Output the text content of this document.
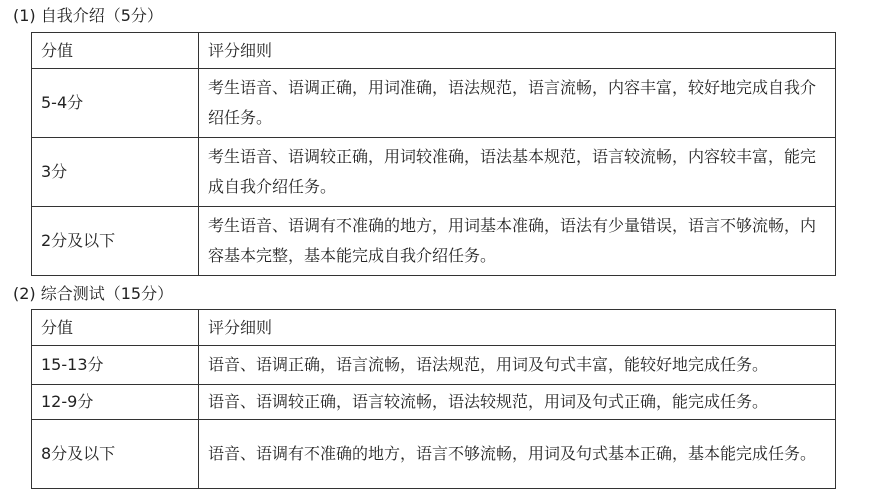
(1) 自我介绍（5分）
分值	评分细则
5-4分	考生语音、语调正确，用词准确，语法规范，语言流畅，内容丰富，较好地完成自我介绍任务。
3分	考生语音、语调较正确，用词较准确，语法基本规范，语言较流畅，内容较丰富，能完成自我介绍任务。
2分及以下	考生语音、语调有不准确的地方，用词基本准确，语法有少量错误，语言不够流畅，内容基本完整，基本能完成自我介绍任务。
(2) 综合测试（15分）
分值	评分细则
15-13分	语音、语调正确，语言流畅，语法规范，用词及句式丰富，能较好地完成任务。
12-9分	语音、语调较正确，语言较流畅，语法较规范，用词及句式正确，能完成任务。
8分及以下	语音、语调有不准确的地方，语言不够流畅，用词及句式基本正确，基本能完成任务。
